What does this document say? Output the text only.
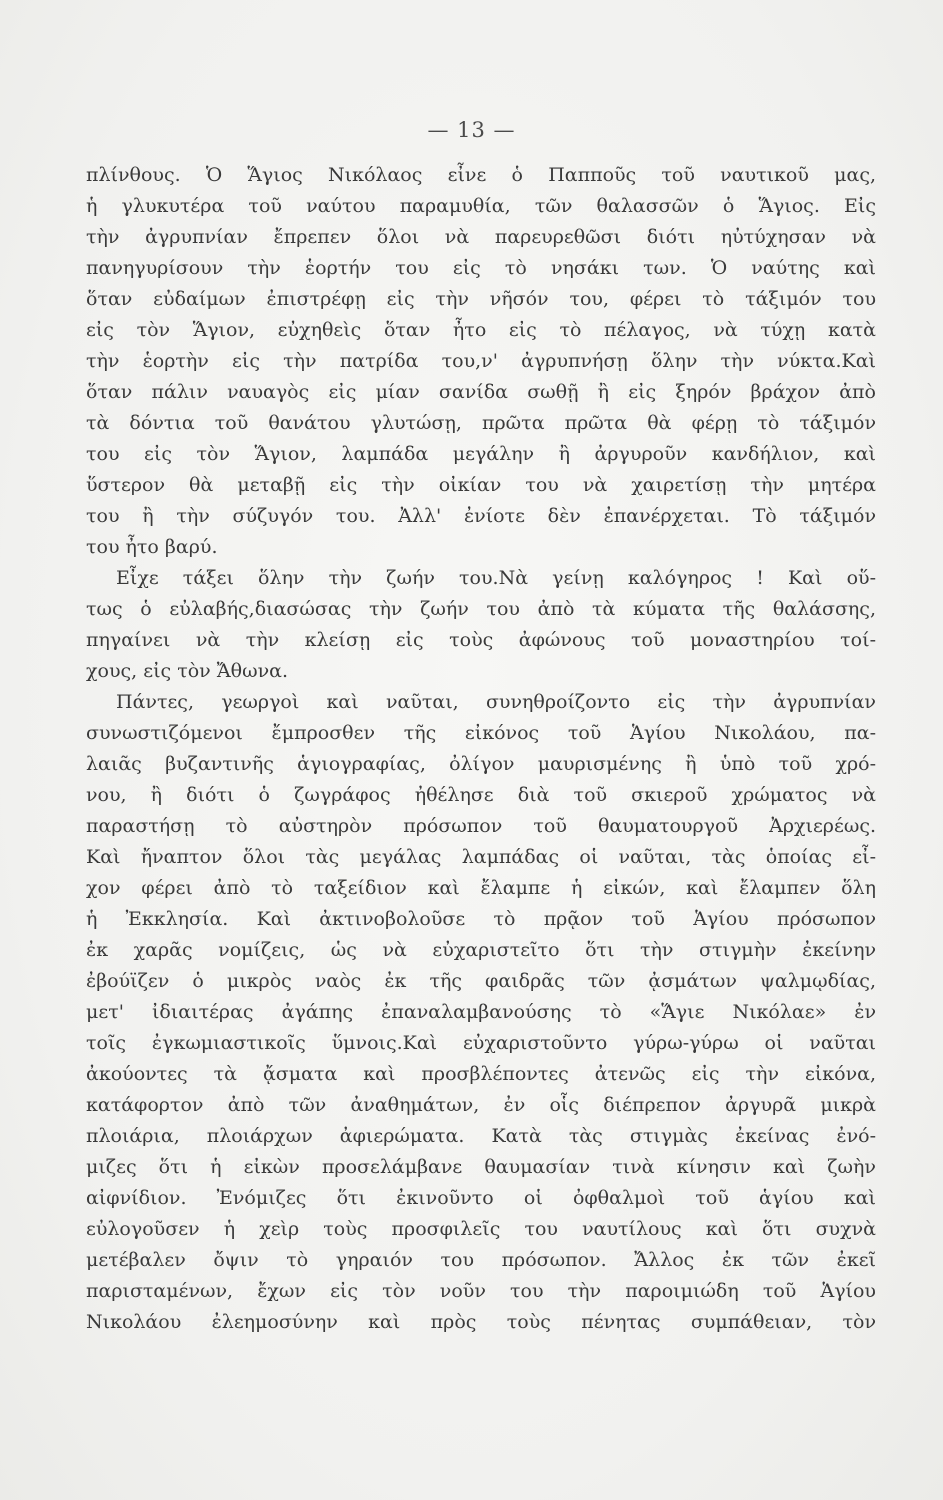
— 13 —
πλίνθους. Ὁ Ἅγιος Νικόλαος εἶνε ὁ Παπποῦς τοῦ ναυτικοῦ μας,
ἡ γλυκυτέρα τοῦ ναύτου παραμυθία, τῶν θαλασσῶν ὁ Ἅγιος. Εἰς
τὴν ἀγρυπνίαν ἔπρεπεν ὅλοι νὰ παρευρεθῶσι διότι ηὐτύχησαν νὰ
πανηγυρίσουν τὴν ἑορτήν του εἰς τὸ νησάκι των. Ὁ ναύτης καὶ
ὅταν εὐδαίμων ἐπιστρέφῃ εἰς τὴν νῆσόν του, φέρει τὸ τάξιμόν του
εἰς τὸν Ἅγιον, εὐχηθεὶς ὅταν ἦτο εἰς τὸ πέλαγος, νὰ τύχῃ κατὰ
τὴν ἑορτὴν εἰς τὴν πατρίδα του,ν' ἀγρυπνήσῃ ὅλην τὴν νύκτα.Καὶ
ὅταν πάλιν ναυαγὸς εἰς μίαν σανίδα σωθῇ ἢ εἰς ξηρόν βράχον ἀπὸ
τὰ δόντια τοῦ θανάτου γλυτώσῃ, πρῶτα πρῶτα θὰ φέρῃ τὸ τάξιμόν
του εἰς τὸν Ἅγιον, λαμπάδα μεγάλην ἢ ἀργυροῦν κανδήλιον, καὶ
ὕστερον θὰ μεταβῇ εἰς τὴν οἰκίαν του νὰ χαιρετίσῃ τὴν μητέρα
του ἢ τὴν σύζυγόν του. Ἀλλ' ἐνίοτε δὲν ἐπανέρχεται. Τὸ τάξιμόν
του ἦτο βαρύ.
Εἶχε τάξει ὅλην τὴν ζωήν του.Νὰ γείνῃ καλόγηρος ! Καὶ οὕ-
τως ὁ εὐλαβής,διασώσας τὴν ζωήν του ἀπὸ τὰ κύματα τῆς θαλάσσης,
πηγαίνει νὰ τὴν κλείσῃ εἰς τοὺς ἀφώνους τοῦ μοναστηρίου τοί-
χους, εἰς τὸν Ἄθωνα.
Πάντες, γεωργοὶ καὶ ναῦται, συνηθροίζοντο εἰς τὴν ἀγρυπνίαν
συνωστιζόμενοι ἔμπροσθεν τῆς εἰκόνος τοῦ Ἁγίου Νικολάου, πα-
λαιᾶς βυζαντινῆς ἁγιογραφίας, ὀλίγον μαυρισμένης ἢ ὑπὸ τοῦ χρό-
νου, ἢ διότι ὁ ζωγράφος ἠθέλησε διὰ τοῦ σκιεροῦ χρώματος νὰ
παραστήσῃ τὸ αὐστηρὸν πρόσωπον τοῦ θαυματουργοῦ Ἀρχιερέως.
Καὶ ἤναπτον ὅλοι τὰς μεγάλας λαμπάδας οἱ ναῦται, τὰς ὁποίας εἶ-
χον φέρει ἀπὸ τὸ ταξείδιον καὶ ἔλαμπε ἡ εἰκών, καὶ ἔλαμπεν ὅλη
ἡ Ἐκκλησία. Καὶ ἀκτινοβολοῦσε τὸ πρᾷον τοῦ Ἁγίου πρόσωπον
ἐκ χαρᾶς νομίζεις, ὡς νὰ εὐχαριστεῖτο ὅτι τὴν στιγμὴν ἐκείνην
ἐβούϊζεν ὁ μικρὸς ναὸς ἐκ τῆς φαιδρᾶς τῶν ᾀσμάτων ψαλμῳδίας,
μετ' ἰδιαιτέρας ἀγάπης ἐπαναλαμβανούσης τὸ «Ἅγιε Νικόλαε» ἐν
τοῖς ἐγκωμιαστικοῖς ὕμνοις.Καὶ εὐχαριστοῦντο γύρω-γύρω οἱ ναῦται
ἀκούοντες τὰ ᾄσματα καὶ προσβλέποντες ἀτενῶς εἰς τὴν εἰκόνα,
κατάφορτον ἀπὸ τῶν ἀναθημάτων, ἐν οἷς διέπρεπον ἀργυρᾶ μικρὰ
πλοιάρια, πλοιάρχων ἀφιερώματα. Κατὰ τὰς στιγμὰς ἐκείνας ἐνό-
μιζες ὅτι ἡ εἰκὼν προσελάμβανε θαυμασίαν τινὰ κίνησιν καὶ ζωὴν
αἰφνίδιον. Ἐνόμιζες ὅτι ἐκινοῦντο οἱ ὀφθαλμοὶ τοῦ ἁγίου καὶ
εὐλογοῦσεν ἡ χεὶρ τοὺς προσφιλεῖς του ναυτίλους καὶ ὅτι συχνὰ
μετέβαλεν ὄψιν τὸ γηραιόν του πρόσωπον. Ἄλλος ἐκ τῶν ἐκεῖ
παρισταμένων, ἔχων εἰς τὸν νοῦν του τὴν παροιμιώδη τοῦ Ἁγίου
Νικολάου ἐλεημοσύνην καὶ πρὸς τοὺς πένητας συμπάθειαν, τὸν
